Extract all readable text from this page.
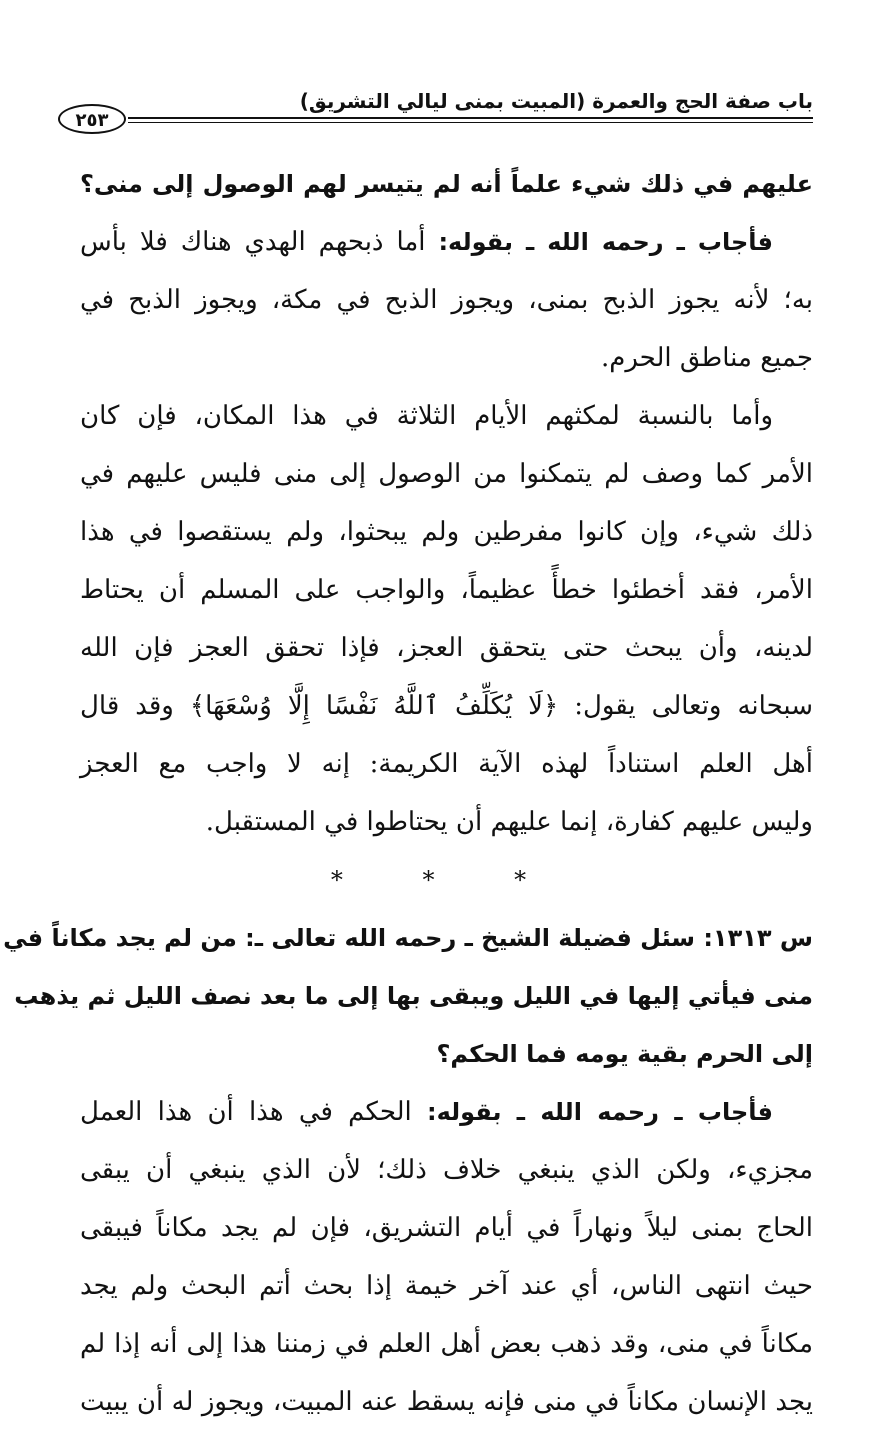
باب صفة الحج والعمرة (المبيت بمنى ليالي التشريق)
٢٥٣
عليهم في ذلك شيء علماً أنه لم يتيسر لهم الوصول إلى منى؟
فأجاب ـ رحمه الله ـ بقوله: أما ذبحهم الهدي هناك فلا بأس
به؛ لأنه يجوز الذبح بمنى، ويجوز الذبح في مكة، ويجوز الذبح في
جميع مناطق الحرم.
وأما بالنسبة لمكثهم الأيام الثلاثة في هذا المكان، فإن كان
الأمر كما وصف لم يتمكنوا من الوصول إلى منى فليس عليهم في
ذلك شيء، وإن كانوا مفرطين ولم يبحثوا، ولم يستقصوا في هذا
الأمر، فقد أخطئوا خطأً عظيماً، والواجب على المسلم أن يحتاط
لدينه، وأن يبحث حتى يتحقق العجز، فإذا تحقق العجز فإن الله
سبحانه وتعالى يقول: ﴿لَا يُكَلِّفُ ٱللَّهُ نَفْسًا إِلَّا وُسْعَهَا﴾ وقد قال
أهل العلم استناداً لهذه الآية الكريمة: إنه لا واجب مع العجز
وليس عليهم كفارة، إنما عليهم أن يحتاطوا في المستقبل.
* * *
س ١٣١٣: سئل فضيلة الشيخ ـ رحمه الله تعالى ـ: من لم يجد مكاناً في
منى فيأتي إليها في الليل ويبقى بها إلى ما بعد نصف الليل ثم يذهب
إلى الحرم بقية يومه فما الحكم؟
فأجاب ـ رحمه الله ـ بقوله: الحكم في هذا أن هذا العمل
مجزيء، ولكن الذي ينبغي خلاف ذلك؛ لأن الذي ينبغي أن يبقى
الحاج بمنى ليلاً ونهاراً في أيام التشريق، فإن لم يجد مكاناً فيبقى
حيث انتهى الناس، أي عند آخر خيمة إذا بحث أتم البحث ولم يجد
مكاناً في منى، وقد ذهب بعض أهل العلم في زمننا هذا إلى أنه إذا لم
يجد الإنسان مكاناً في منى فإنه يسقط عنه المبيت، ويجوز له أن يبيت
